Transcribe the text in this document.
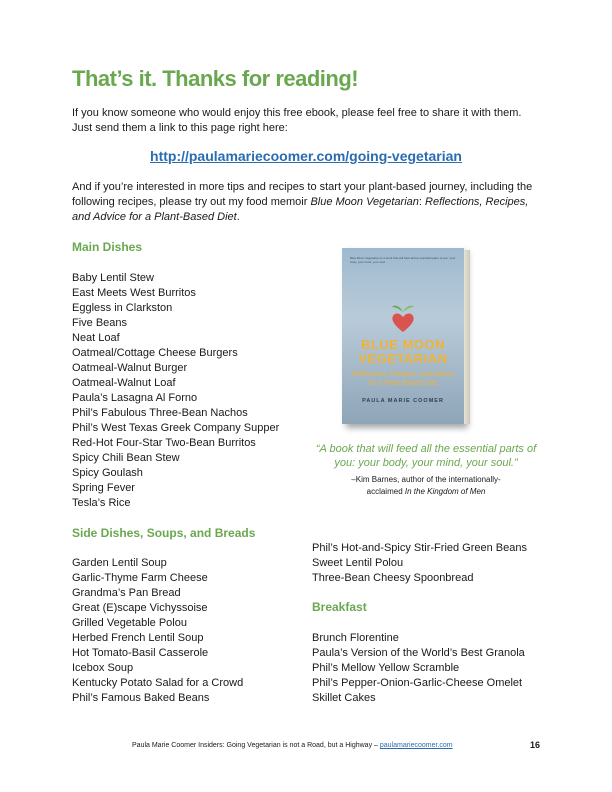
That’s it. Thanks for reading!
If you know someone who would enjoy this free ebook, please feel free to share it with them. Just send them a link to this page right here:
http://paulamariecoomer.com/going-vegetarian
And if you’re interested in more tips and recipes to start your plant-based journey, including the following recipes, please try out my food memoir Blue Moon Vegetarian: Reflections, Recipes, and Advice for a Plant-Based Diet.
Main Dishes
Baby Lentil Stew
East Meets West Burritos
Eggless in Clarkston
Five Beans
Neat Loaf
Oatmeal/Cottage Cheese Burgers
Oatmeal-Walnut Burger
Oatmeal-Walnut Loaf
Paula’s Lasagna Al Forno
Phil’s Fabulous Three-Bean Nachos
Phil’s West Texas Greek Company Supper
Red-Hot Four-Star Two-Bean Burritos
Spicy Chili Bean Stew
Spicy Goulash
Spring Fever
Tesla’s Rice
Blue Moon Vegetarian is a book that will feed all the essential parts of you: your body, your mind, your soul.
BLUE MOON
VEGETARIAN
Reflections, Recipes, and Advice for a Plant-Based Diet
PAULA MARIE COOMER
“A book that will feed all the essential parts of you: your body, your mind, your soul.”
–Kim Barnes, author of the internationally-
acclaimed In the Kingdom of Men
Side Dishes, Soups, and Breads
Garden Lentil Soup
Garlic-Thyme Farm Cheese
Grandma’s Pan Bread
Great (E)scape Vichyssoise
Grilled Vegetable Polou
Herbed French Lentil Soup
Hot Tomato-Basil Casserole
Icebox Soup
Kentucky Potato Salad for a Crowd
Phil’s Famous Baked Beans
Phil’s Hot-and-Spicy Stir-Fried Green Beans
Sweet Lentil Polou
Three-Bean Cheesy Spoonbread
Breakfast
Brunch Florentine
Paula’s Version of the World’s Best Granola
Phil’s Mellow Yellow Scramble
Phil’s Pepper-Onion-Garlic-Cheese Omelet
Skillet Cakes
Paula Marie Coomer Insiders: Going Vegetarian is not a Road, but a Highway – paulamariecoomer.com	16
